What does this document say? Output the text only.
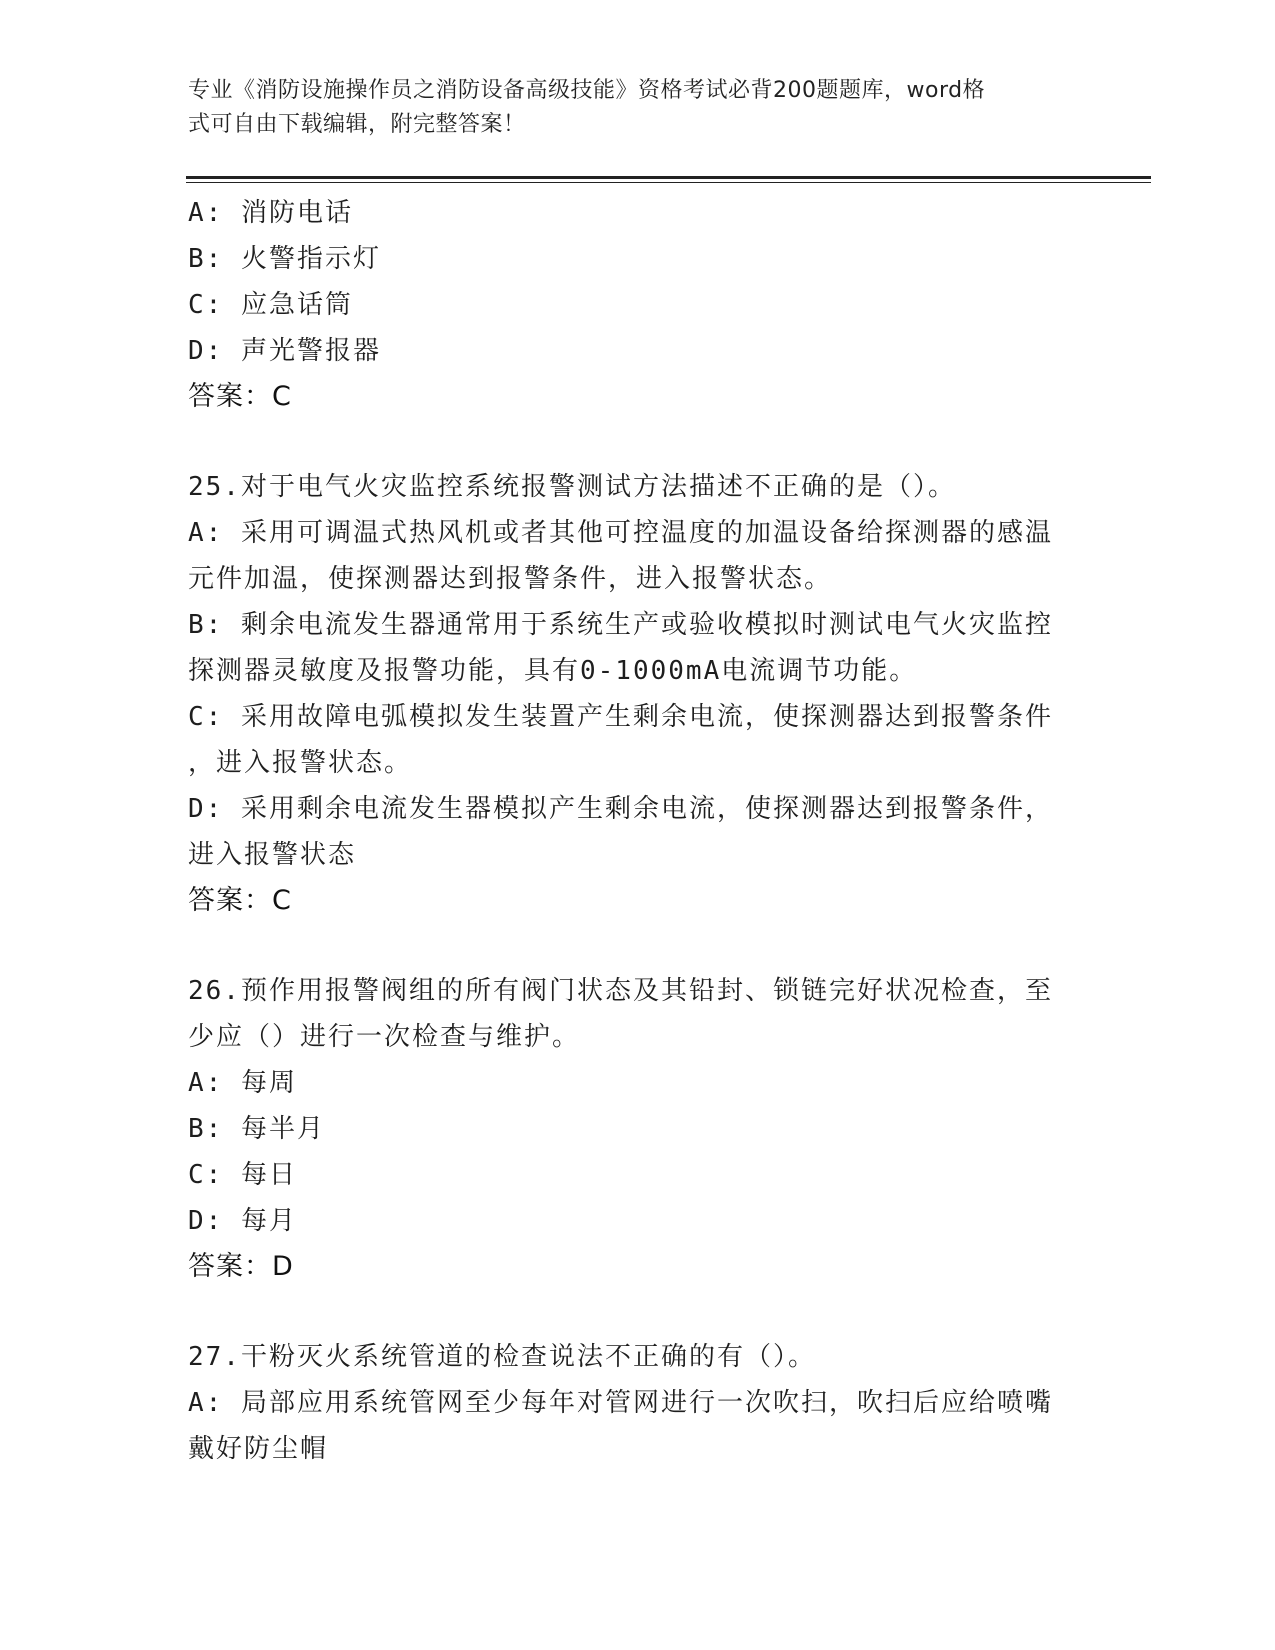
专业《消防设施操作员之消防设备高级技能》资格考试必背200题题库，word格
式可自由下载编辑，附完整答案！
A: 消防电话
B: 火警指示灯
C: 应急话筒
D: 声光警报器
答案：C
25.对于电气火灾监控系统报警测试方法描述不正确的是（）。
A: 采用可调温式热风机或者其他可控温度的加温设备给探测器的感温
元件加温，使探测器达到报警条件，进入报警状态。
B: 剩余电流发生器通常用于系统生产或验收模拟时测试电气火灾监控
探测器灵敏度及报警功能，具有0-1000mA电流调节功能。
C: 采用故障电弧模拟发生装置产生剩余电流，使探测器达到报警条件
，进入报警状态。
D: 采用剩余电流发生器模拟产生剩余电流，使探测器达到报警条件，
进入报警状态
答案：C
26.预作用报警阀组的所有阀门状态及其铅封、锁链完好状况检查，至
少应（）进行一次检查与维护。
A: 每周
B: 每半月
C: 每日
D: 每月
答案：D
27.干粉灭火系统管道的检查说法不正确的有（）。
A: 局部应用系统管网至少每年对管网进行一次吹扫，吹扫后应给喷嘴
戴好防尘帽
